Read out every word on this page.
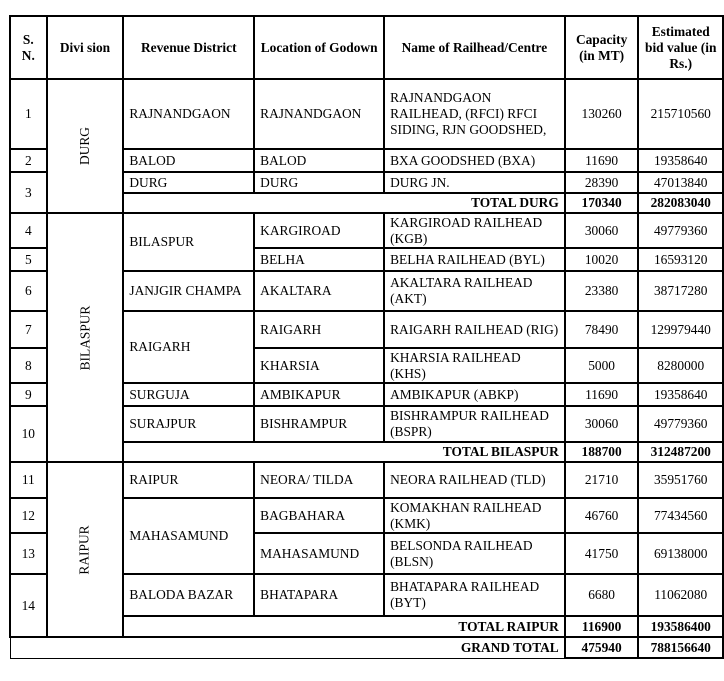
S. N.	Divi sion	Revenue District	Location of Godown	Name of Railhead/Centre	Capacity (in MT)	Estimated bid value (in Rs.)
1	DURG	RAJNANDGAON	RAJNANDGAON	RAJNANDGAON RAILHEAD, (RFCI) RFCI SIDING, RJN GOODSHED,	130260	215710560
2		BALOD	BALOD	BXA GOODSHED (BXA)	11690	19358640
3		DURG	DURG	DURG JN.	28390	47013840
		TOTAL DURG			170340	282083040
4	BILASPUR	BILASPUR	KARGIROAD	KARGIROAD RAILHEAD (KGB)	30060	49779360
5			BELHA	BELHA RAILHEAD (BYL)	10020	16593120
6		JANJGIR CHAMPA	AKALTARA	AKALTARA RAILHEAD (AKT)	23380	38717280
7		RAIGARH	RAIGARH	RAIGARH RAILHEAD (RIG)	78490	129979440
8			KHARSIA	KHARSIA RAILHEAD (KHS)	5000	8280000
9		SURGUJA	AMBIKAPUR	AMBIKAPUR (ABKP)	11690	19358640
10		SURAJPUR	BISHRAMPUR	BISHRAMPUR RAILHEAD (BSPR)	30060	49779360
		TOTAL BILASPUR			188700	312487200
11	RAIPUR	RAIPUR	NEORA/ TILDA	NEORA RAILHEAD (TLD)	21710	35951760
12		MAHASAMUND	BAGBAHARA	KOMAKHAN RAILHEAD (KMK)	46760	77434560
13			MAHASAMUND	BELSONDA RAILHEAD (BLSN)	41750	69138000
14		BALODA BAZAR	BHATAPARA	BHATAPARA RAILHEAD (BYT)	6680	11062080
		TOTAL RAIPUR			116900	193586400
GRAND TOTAL					475940	788156640
